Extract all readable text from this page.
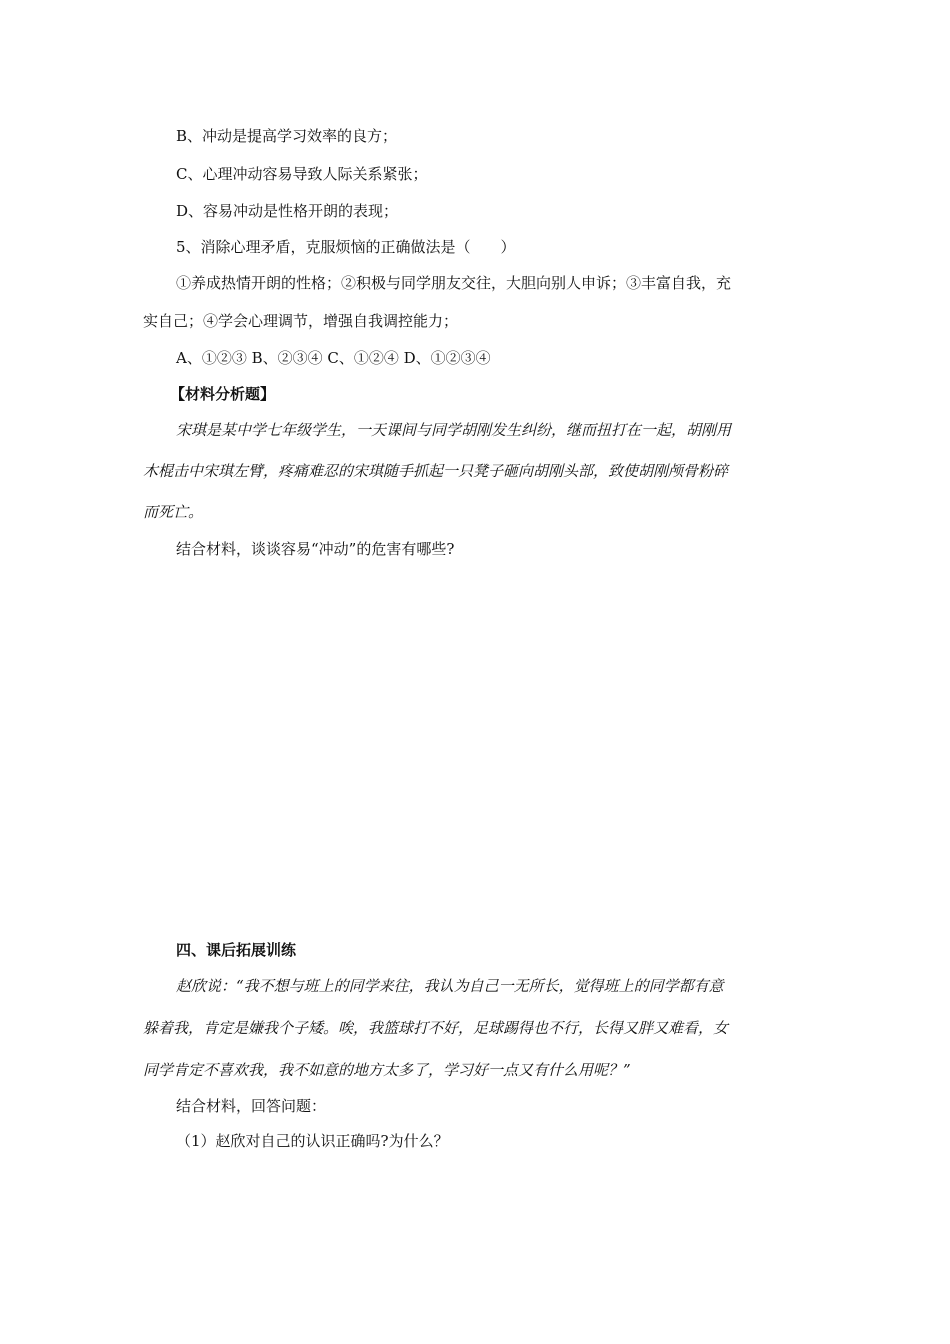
B、冲动是提高学习效率的良方；
C、心理冲动容易导致人际关系紧张；
D、容易冲动是性格开朗的表现；
5、消除心理矛盾，克服烦恼的正确做法是（　　）
①养成热情开朗的性格；②积极与同学朋友交往，大胆向别人申诉；③丰富自我，充
实自己；④学会心理调节，增强自我调控能力；
A、①②③ B、②③④ C、①②④ D、①②③④
【材料分析题】
宋琪是某中学七年级学生，一天课间与同学胡刚发生纠纷，继而扭打在一起，胡刚用
木棍击中宋琪左臂，疼痛难忍的宋琪随手抓起一只凳子砸向胡刚头部，致使胡刚颅骨粉碎
而死亡。
结合材料，谈谈容易“冲动”的危害有哪些?
四、课后拓展训练
赵欣说：“我不想与班上的同学来往，我认为自己一无所长，觉得班上的同学都有意
躲着我，肯定是嫌我个子矮。唉，我篮球打不好，足球踢得也不行，长得又胖又难看，女
同学肯定不喜欢我，我不如意的地方太多了，学习好一点又有什么用呢？”
结合材料，回答问题：
（1）赵欣对自己的认识正确吗?为什么？
